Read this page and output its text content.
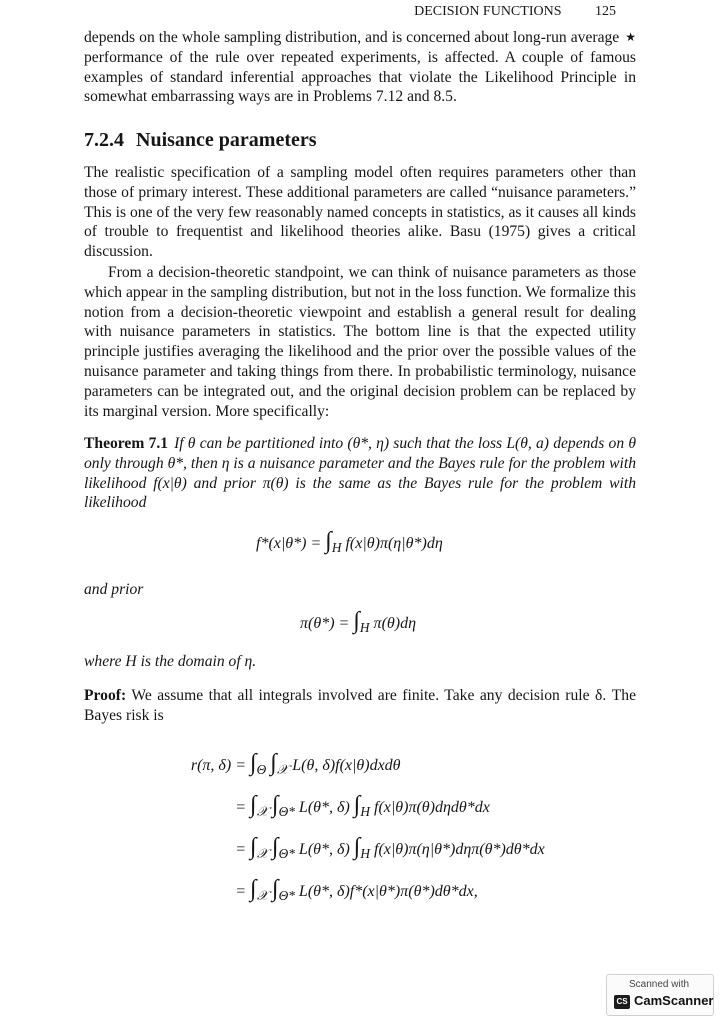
DECISION FUNCTIONS 125

★
depends on the whole sampling distribution, and is concerned about long-run average performance of the rule over repeated experiments, is affected. A couple of famous examples of standard inferential approaches that violate the Likelihood Principle in somewhat embarrassing ways are in Problems 7.12 and 8.5.

7.2.4 Nuisance parameters

The realistic specification of a sampling model often requires parameters other than those of primary interest. These additional parameters are called “nuisance parameters.” This is one of the very few reasonably named concepts in statistics, as it causes all kinds of trouble to frequentist and likelihood theories alike. Basu (1975) gives a critical discussion.

From a decision-theoretic standpoint, we can think of nuisance parameters as those which appear in the sampling distribution, but not in the loss function. We formalize this notion from a decision-theoretic viewpoint and establish a general result for dealing with nuisance parameters in statistics. The bottom line is that the expected utility principle justifies averaging the likelihood and the prior over the possible values of the nuisance parameter and taking things from there. In probabilistic terminology, nuisance parameters can be integrated out, and the original decision problem can be replaced by its marginal version. More specifically:

Theorem 7.1 If θ can be partitioned into (θ*, η) such that the loss L(θ, a) depends on θ only through θ*, then η is a nuisance parameter and the Bayes rule for the problem with likelihood f(x|θ) and prior π(θ) is the same as the Bayes rule for the problem with likelihood

$f*(x|\theta*) = \int_H$ f(x|θ)π(η|θ*)dη
and prior
$\pi(\theta*) = \int_H$ π(θ)dη
where H is the domain of η.

Proof: We assume that all integrals involved are finite. Take any decision rule δ. The Bayes risk is

r(π, $\delta) = \int_\Theta$ $\int_𝒳$ L(θ, δ)f(x|θ)dxdθ
= $\int_𝒳$ $\int_{\Theta*}$ L(θ*, δ) $\int_H$ f(x|θ)π(θ)dηdθ*dx
= $\int_𝒳$ $\int_{\Theta*}$ L(θ*, δ) $\int_H$ f(x|θ)π(η|θ*)dηπ(θ*)dθ*dx
= $\int_𝒳$ $\int_{\Theta*}$ L(θ*, δ)f*(x|θ*)π(θ*)dθ*dx,
Scanned with
CS CamScanner
